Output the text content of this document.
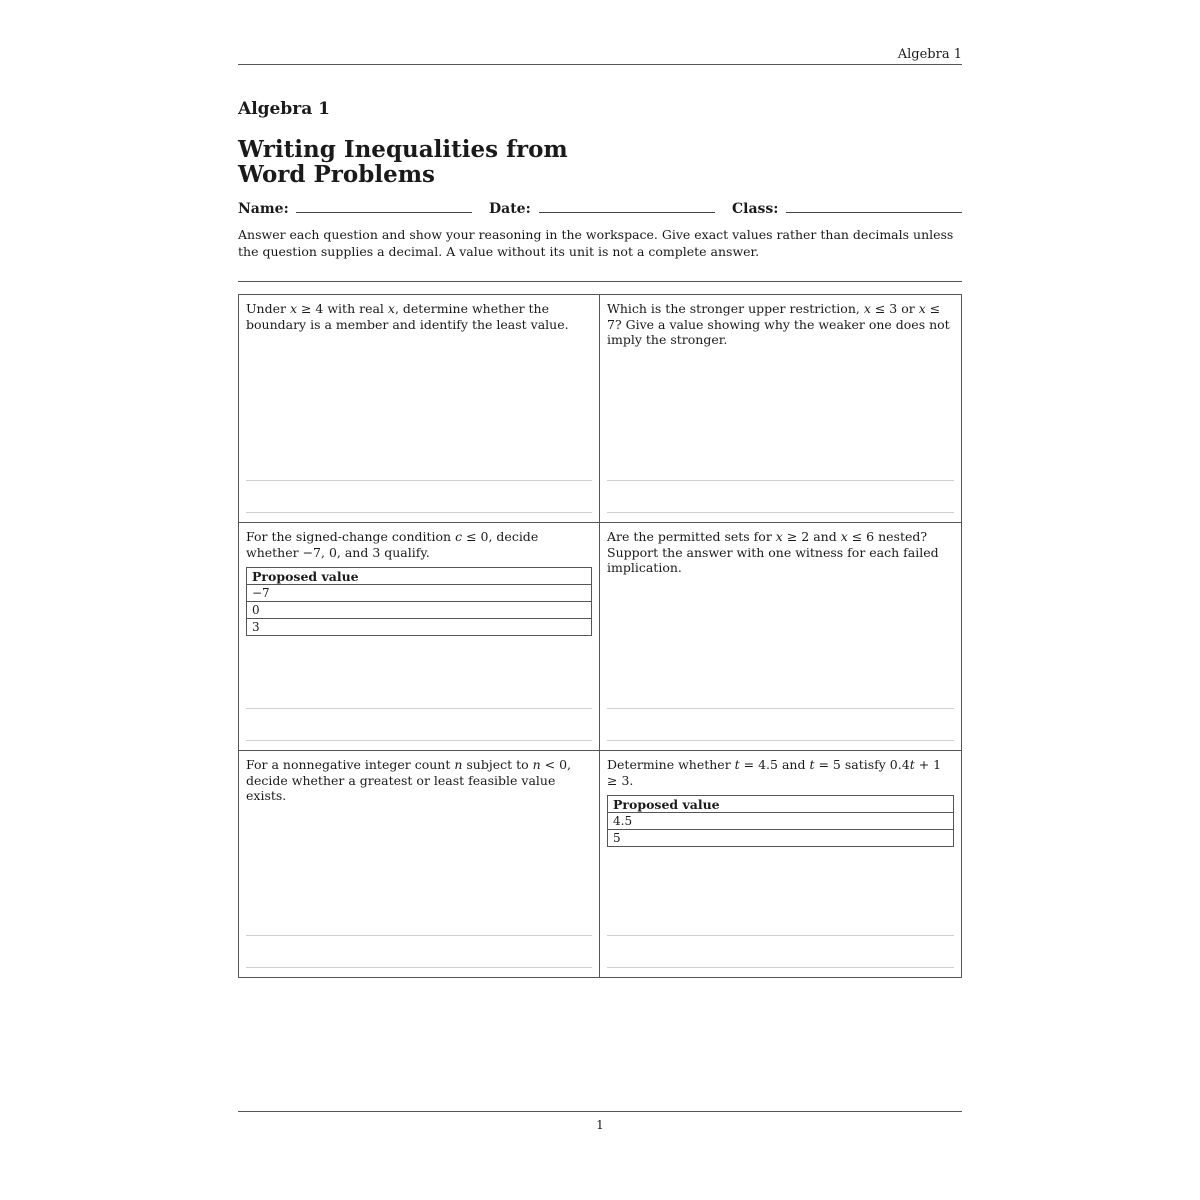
Algebra 1
Algebra 1
Writing Inequalities from
Word Problems
Name:	Date:	Class:

Answer each question and show your reasoning in the workspace. Give exact values rather than decimals unless the question supplies a decimal. A value without its unit is not a complete answer.

Under x ≥ 4 with real x, determine whether the boundary is a member and identify the least value.

Which is the stronger upper restriction, x ≤ 3 or x ≤ 7? Give a value showing why the weaker one does not imply the stronger.

For the signed-change condition c ≤ 0, decide whether −7, 0, and 3 qualify.

Proposed value
−7
0
3

Are the permitted sets for x ≥ 2 and x ≤ 6 nested? Support the answer with one witness for each failed implication.

For a nonnegative integer count n subject to n < 0, decide whether a greatest or least feasible value exists.

Determine whether t = 4.5 and t = 5 satisfy 0.4t + 1 ≥ 3.

Proposed value
4.5
5
1
